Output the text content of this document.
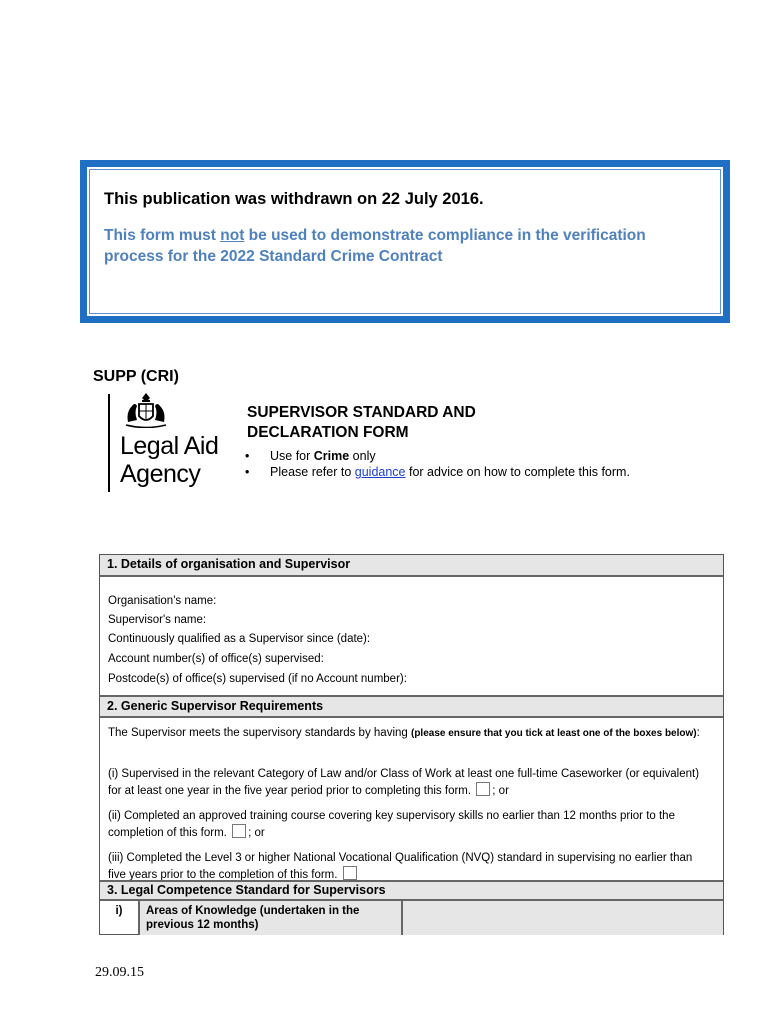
This publication was withdrawn on 22 July 2016.
This form must not be used to demonstrate compliance in the verification process for the 2022 Standard Crime Contract
SUPP (CRI)
Legal Aid
Agency
SUPERVISOR STANDARD AND
DECLARATION FORM
• Use for Crime only
• Please refer to guidance for advice on how to complete this form.
1. Details of organisation and Supervisor
Organisation's name:
Supervisor's name:
Continuously qualified as a Supervisor since (date):
Account number(s) of office(s) supervised:
Postcode(s) of office(s) supervised (if no Account number):
2. Generic Supervisor Requirements
The Supervisor meets the supervisory standards by having (please ensure that you tick at least one of the boxes below):
(i) Supervised in the relevant Category of Law and/or Class of Work at least one full-time Caseworker (or equivalent) for at least one year in the five year period prior to completing this form. ; or
(ii) Completed an approved training course covering key supervisory skills no earlier than 12 months prior to the completion of this form. ; or
(iii) Completed the Level 3 or higher National Vocational Qualification (NVQ) standard in supervising no earlier than five years prior to the completion of this form.
3. Legal Competence Standard for Supervisors
i)	Areas of Knowledge (undertaken in the previous 12 months)
29.09.15
